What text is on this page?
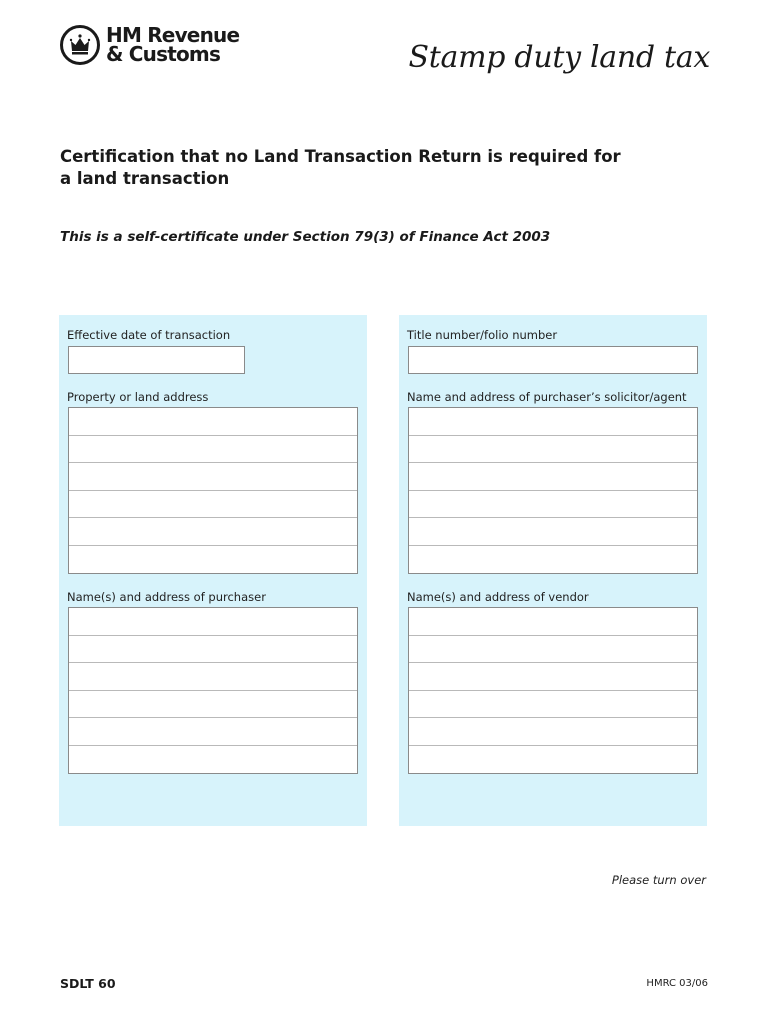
HM Revenue
& Customs	Stamp duty land tax
Certification that no Land Transaction Return is required for
a land transaction
This is a self-certificate under Section 79(3) of Finance Act 2003
Effective date of transaction
Property or land address
Name(s) and address of purchaser
Title number/folio number
Name and address of purchaser’s solicitor/agent
Name(s) and address of vendor
Please turn over
SDLT 60	HMRC 03/06
